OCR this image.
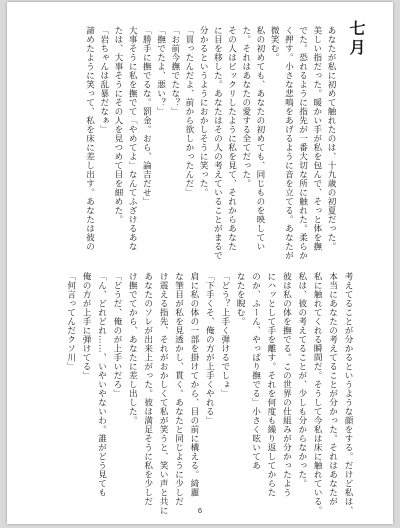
七月
あなたが私に初めて触れたのは、十九歳の初夏だった。
美しい指だった。暖かい手が私を包んで、そっと体を撫
でた。恐れるように指先が一番大切な所に触れた。柔らか
く押す。小さな悲鳴をあげるように音を立てる。あなたが
微笑む。
私の初めても、あなたの初めても、同じものを映してい
た。それはあなたの愛する全てだった。
その人はビックリしたように私を見て、それからあなた
に目を移した。あなたはその人の考えていることがまるで
分かるというようにおかしそうに笑った。
「買ったんだよ、前から欲しかったんだ」
「お前今撫でたな？」
「撫でたよ、悪い？」
「勝手に撫でるな。罰金。おら、論吉だせ」
大事そうに私を撫でて「やめてよ」なんてふざけるあな
たは、大事そうにその人を見つめて目を細めた。
「岩ちゃんは乱暴だなぁ」
諦めたように笑って、私を床に差し出す。あなたは彼の
考えてることが分かるというような顔をする。だけど私は、
本当にあなたの考えてることが分かった。それはあなたが
私に触れてくれる瞬間だ。そうして今私は床に触れている。
私は、彼の考えてることが、少しも分からなかった。
彼は私の体を撫でる。この世界の仕組みが分かったよう
にハッとして手を離す。それを何度も繰り返してからた
のか、ふーん、やっぱり撫でる」小さく呟いてあ
なたを睨む。
「どう？上手く弾けるでしょ」
「下手くそ、俺の方が上手くやれる」
肩に私の体の一部を掛けてから、目の前に構える。綺麗
な筆目が私を見透かし、貫く。あなたと同じように少しだ
け震える指先、それがおかしくて私が笑うと、笑い声と共に
あなたのソレが出来上がった。彼は満足そうに私を少しだ
け撫でてから、あなたに差し出した。
「どうだ、俺のが上手いだろ」
「ん、どれどれ……、いやいやないわ。誰がどう見ても
俺の方が上手に弾けてる」
「何言ってんだクソ川」
6
